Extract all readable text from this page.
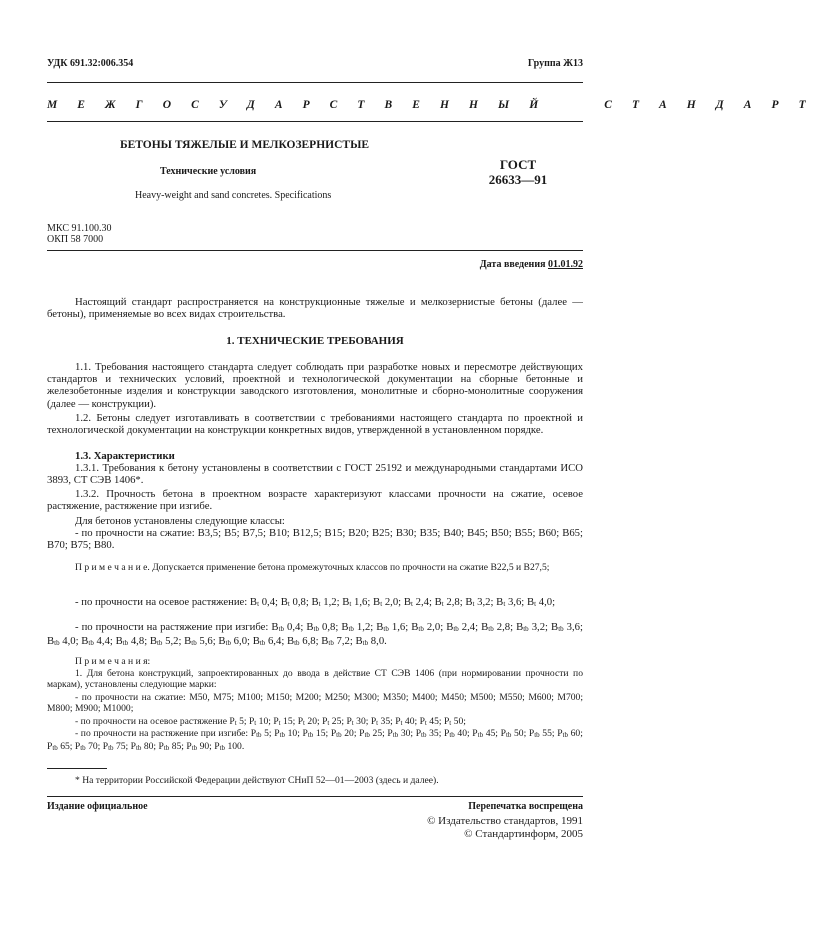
УДК 691.32:006.354	Группа Ж13
М Е Ж Г О С У Д А Р С Т В Е Н Н Ы Й     С Т А Н Д А Р Т
БЕТОНЫ ТЯЖЕЛЫЕ И МЕЛКОЗЕРНИСТЫЕ
Технические условия
Heavy-weight and sand concretes. Specifications
ГОСТ
26633—91
МКС 91.100.30
ОКП 58 7000
Дата введения 01.01.92
Настоящий стандарт распространяется на конструкционные тяжелые и мелкозернистые бетоны (далее — бетоны), применяемые во всех видах строительства.
1. ТЕХНИЧЕСКИЕ ТРЕБОВАНИЯ
1.1. Требования настоящего стандарта следует соблюдать при разработке новых и пересмотре действующих стандартов и технических условий, проектной и технологической документации на сборные бетонные и железобетонные изделия и конструкции заводского изготовления, монолитные и сборно-монолитные сооружения (далее — конструкции).
1.2. Бетоны следует изготавливать в соответствии с требованиями настоящего стандарта по проектной и технологической документации на конструкции конкретных видов, утвержденной в установленном порядке.
1.3. Характеристики
1.3.1. Требования к бетону установлены в соответствии с ГОСТ 25192 и международными стандартами ИСО 3893, СТ СЭВ 1406*.
1.3.2. Прочность бетона в проектном возрасте характеризуют классами прочности на сжатие, осевое растяжение, растяжение при изгибе.
Для бетонов установлены следующие классы:
- по прочности на сжатие: В3,5; В5; В7,5; В10; В12,5; В15; В20; В25; В30; В35; В40; В45; В50; В55; В60; В65; В70; В75; В80.
П р и м е ч а н и е. Допускается применение бетона промежуточных классов по прочности на сжатие В22,5 и В27,5;
- по прочности на осевое растяжение: $B_t$ 0,4; $B_t$ 0,8; $B_t$ 1,2; $B_t$ 1,6; $B_t$ 2,0; $B_t$ 2,4; $B_t$ 2,8; $B_t$ 3,2; $B_t$ 3,6; $B_t$ 4,0;
- по прочности на растяжение при изгибе: $B_{tb}$ 0,4; $B_{tb}$ 0,8; $B_{tb}$ 1,2; $B_{tb}$ 1,6; $B_{tb}$ 2,0; $B_{tb}$ 2,4; $B_{tb}$ 2,8; $B_{tb}$ 3,2; $B_{tb}$ 3,6; $B_{tb}$ 4,0; $B_{tb}$ 4,4; $B_{tb}$ 4,8; $B_{tb}$ 5,2; $B_{tb}$ 5,6; $B_{tb}$ 6,0; $B_{tb}$ 6,4; $B_{tb}$ 6,8; $B_{tb}$ 7,2; $B_{tb}$ 8,0.
П р и м е ч а н и я:
1. Для бетона конструкций, запроектированных до ввода в действие СТ СЭВ 1406 (при нормировании прочности по маркам), установлены следующие марки:
- по прочности на сжатие: М50, М75; М100; М150; М200; М250; М300; М350; М400; М450; М500; М550; М600; М700; М800; М900; М1000;
- по прочности на осевое растяжение $P_t$ 5; $P_t$ 10; $P_t$ 15; $P_t$ 20; $P_t$ 25; $P_t$ 30; $P_t$ 35; $P_t$ 40; $P_t$ 45; $P_t$ 50;
- по прочности на растяжение при изгибе: $P_{tb}$ 5; $P_{tb}$ 10; $P_{tb}$ 15; $P_{tb}$ 20; $P_{tb}$ 25; $P_{tb}$ 30; $P_{tb}$ 35; $P_{tb}$ 40; $P_{tb}$ 45; $P_{tb}$ 50; $P_{tb}$ 55; $P_{tb}$ 60; $P_{tb}$ 65; $P_{tb}$ 70; $P_{tb}$ 75; $P_{tb}$ 80; $P_{tb}$ 85; $P_{tb}$ 90; $P_{tb}$ 100.
* На территории Российской Федерации действуют СНиП 52—01—2003 (здесь и далее).
Издание официальное	Перепечатка воспрещена
© Издательство стандартов, 1991
© Стандартинформ, 2005
